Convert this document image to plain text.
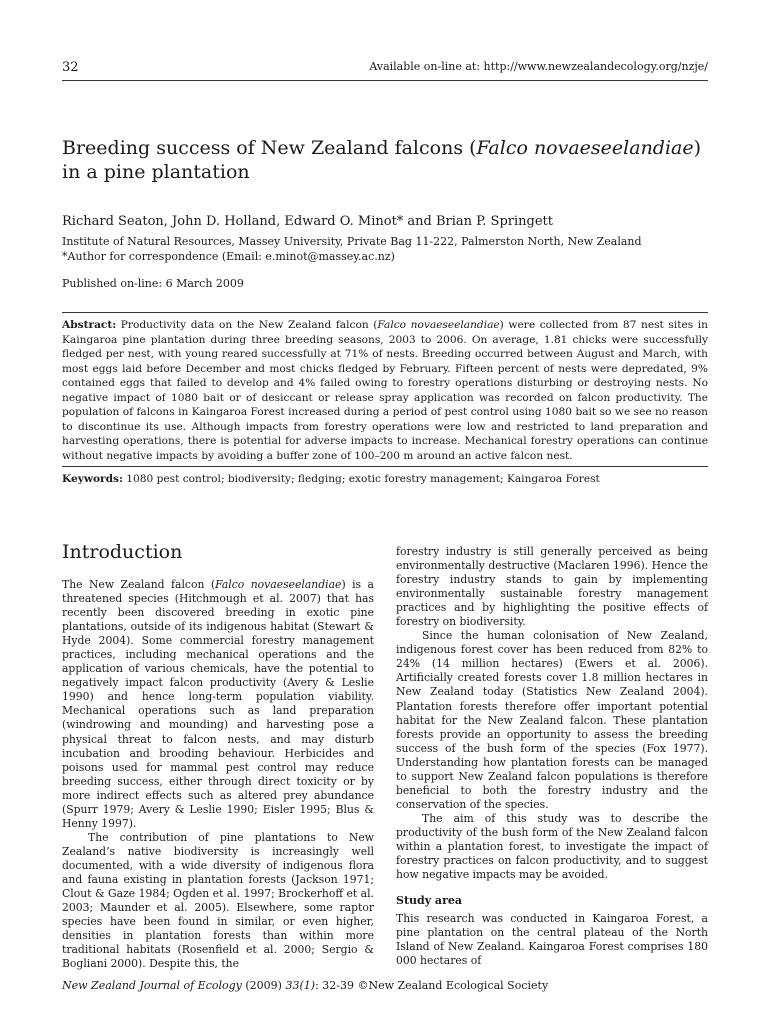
32	Available on-line at: http://www.newzealandecology.org/nzje/
Breeding success of New Zealand falcons (Falco novaeseelandiae) in a pine plantation
Richard Seaton, John D. Holland, Edward O. Minot* and Brian P. Springett
Institute of Natural Resources, Massey University, Private Bag 11-222, Palmerston North, New Zealand
*Author for correspondence (Email: e.minot@massey.ac.nz)
Published on-line: 6 March 2009
Abstract: Productivity data on the New Zealand falcon (Falco novaeseelandiae) were collected from 87 nest sites in Kaingaroa pine plantation during three breeding seasons, 2003 to 2006. On average, 1.81 chicks were successfully fledged per nest, with young reared successfully at 71% of nests. Breeding occurred between August and March, with most eggs laid before December and most chicks fledged by February. Fifteen percent of nests were depredated, 9% contained eggs that failed to develop and 4% failed owing to forestry operations disturbing or destroying nests. No negative impact of 1080 bait or of desiccant or release spray application was recorded on falcon productivity. The population of falcons in Kaingaroa Forest increased during a period of pest control using 1080 bait so we see no reason to discontinue its use. Although impacts from forestry operations were low and restricted to land preparation and harvesting operations, there is potential for adverse impacts to increase. Mechanical forestry operations can continue without negative impacts by avoiding a buffer zone of 100–200 m around an active falcon nest.
Keywords: 1080 pest control; biodiversity; fledging; exotic forestry management; Kaingaroa Forest
Introduction

The New Zealand falcon (Falco novaeseelandiae) is a threatened species (Hitchmough et al. 2007) that has recently been discovered breeding in exotic pine plantations, outside of its indigenous habitat (Stewart & Hyde 2004). Some commercial forestry management practices, including mechanical operations and the application of various chemicals, have the potential to negatively impact falcon productivity (Avery & Leslie 1990) and hence long-term population viability. Mechanical operations such as land preparation (windrowing and mounding) and harvesting pose a physical threat to falcon nests, and may disturb incubation and brooding behaviour. Herbicides and poisons used for mammal pest control may reduce breeding success, either through direct toxicity or by more indirect effects such as altered prey abundance (Spurr 1979; Avery & Leslie 1990; Eisler 1995; Blus & Henny 1997).

The contribution of pine plantations to New Zealand’s native biodiversity is increasingly well documented, with a wide diversity of indigenous flora and fauna existing in plantation forests (Jackson 1971; Clout & Gaze 1984; Ogden et al. 1997; Brockerhoff et al. 2003; Maunder et al. 2005). Elsewhere, some raptor species have been found in similar, or even higher, densities in plantation forests than within more traditional habitats (Rosenfield et al. 2000; Sergio & Bogliani 2000). Despite this, the

forestry industry is still generally perceived as being environmentally destructive (Maclaren 1996). Hence the forestry industry stands to gain by implementing environmentally sustainable forestry management practices and by highlighting the positive effects of forestry on biodiversity.

Since the human colonisation of New Zealand, indigenous forest cover has been reduced from 82% to 24% (14 million hectares) (Ewers et al. 2006). Artificially created forests cover 1.8 million hectares in New Zealand today (Statistics New Zealand 2004). Plantation forests therefore offer important potential habitat for the New Zealand falcon. These plantation forests provide an opportunity to assess the breeding success of the bush form of the species (Fox 1977). Understanding how plantation forests can be managed to support New Zealand falcon populations is therefore beneficial to both the forestry industry and the conservation of the species.

The aim of this study was to describe the productivity of the bush form of the New Zealand falcon within a plantation forest, to investigate the impact of forestry practices on falcon productivity, and to suggest how negative impacts may be avoided.

Study area

This research was conducted in Kaingaroa Forest, a pine plantation on the central plateau of the North Island of New Zealand. Kaingaroa Forest comprises 180 000 hectares of

New Zealand Journal of Ecology (2009) 33(1): 32-39 ©New Zealand Ecological Society
